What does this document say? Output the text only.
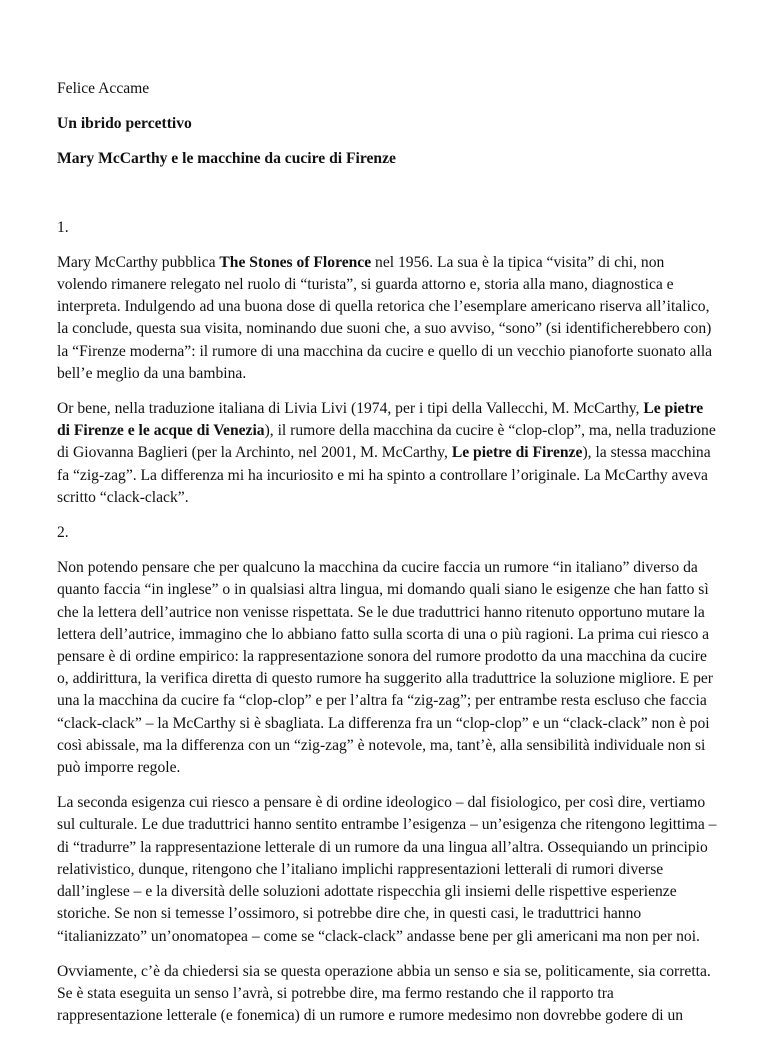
Felice Accame

Un ibrido percettivo

Mary McCarthy e le macchine da cucire di Firenze

1.

Mary McCarthy pubblica The Stones of Florence nel 1956. La sua è la tipica “visita” di chi, non volendo rimanere relegato nel ruolo di “turista”, si guarda attorno e, storia alla mano, diagnostica e interpreta. Indulgendo ad una buona dose di quella retorica che l’esemplare americano riserva all’italico, la conclude, questa sua visita, nominando due suoni che, a suo avviso, “sono” (si identificherebbero con) la “Firenze moderna”: il rumore di una macchina da cucire e quello di un vecchio pianoforte suonato alla bell’e meglio da una bambina.

Or bene, nella traduzione italiana di Livia Livi (1974, per i tipi della Vallecchi, M. McCarthy, Le pietre di Firenze e le acque di Venezia), il rumore della macchina da cucire è “clop-clop”, ma, nella traduzione di Giovanna Baglieri (per la Archinto, nel 2001, M. McCarthy, Le pietre di Firenze), la stessa macchina fa “zig-zag”. La differenza mi ha incuriosito e mi ha spinto a controllare l’originale. La McCarthy aveva scritto “clack-clack”.

2.

Non potendo pensare che per qualcuno la macchina da cucire faccia un rumore “in italiano” diverso da quanto faccia “in inglese” o in qualsiasi altra lingua, mi domando quali siano le esigenze che han fatto sì che la lettera dell’autrice non venisse rispettata. Se le due traduttrici hanno ritenuto opportuno mutare la lettera dell’autrice, immagino che lo abbiano fatto sulla scorta di una o più ragioni. La prima cui riesco a pensare è di ordine empirico: la rappresentazione sonora del rumore prodotto da una macchina da cucire o, addirittura, la verifica diretta di questo rumore ha suggerito alla traduttrice la soluzione migliore. E per una la macchina da cucire fa “clop-clop” e per l’altra fa “zig-zag”; per entrambe resta escluso che faccia “clack-clack” – la McCarthy si è sbagliata. La differenza fra un “clop-clop” e un “clack-clack” non è poi così abissale, ma la differenza con un “zig-zag” è notevole, ma, tant’è, alla sensibilità individuale non si può imporre regole.

La seconda esigenza cui riesco a pensare è di ordine ideologico – dal fisiologico, per così dire, vertiamo sul culturale. Le due traduttrici hanno sentito entrambe l’esigenza – un’esigenza che ritengono legittima – di “tradurre” la rappresentazione letterale di un rumore da una lingua all’altra. Ossequiando un principio relativistico, dunque, ritengono che l’italiano implichi rappresentazioni letterali di rumori diverse dall’inglese – e la diversità delle soluzioni adottate rispecchia gli insiemi delle rispettive esperienze storiche. Se non si temesse l’ossimoro, si potrebbe dire che, in questi casi, le traduttrici hanno “italianizzato” un’onomatopea – come se “clack-clack” andasse bene per gli americani ma non per noi.

Ovviamente, c’è da chiedersi sia se questa operazione abbia un senso e sia se, politicamente, sia corretta. Se è stata eseguita un senso l’avrà, si potrebbe dire, ma fermo restando che il rapporto tra rappresentazione letterale (e fonemica) di un rumore e rumore medesimo non dovrebbe godere di un
